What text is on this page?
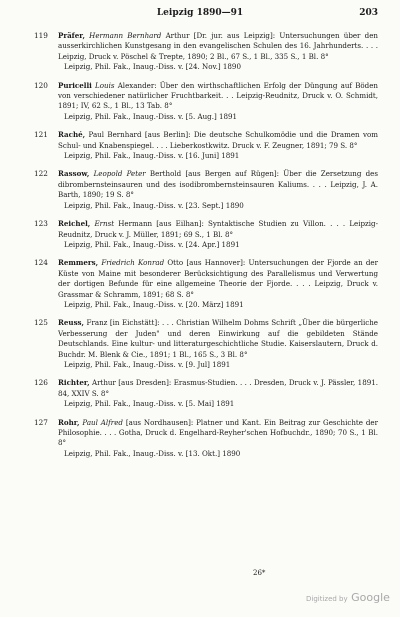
Leipzig 1890—91	203
119 Präfer, Hermann Bernhard Arthur [Dr. jur. aus Leipzig]: Untersuchungen über den ausserkirchlichen Kunstgesang in den evangelischen Schulen des 16. Jahrhunderts. . . . Leipzig, Druck v. Pöschel & Trepte, 1890; 2 Bl., 67 S., 1 Bl., 335 S., 1 Bl. 8°
Leipzig, Phil. Fak., Inaug.-Diss. v. [24. Nov.] 1890
120 Puricelli Louis Alexander: Über den wirthschaftlichen Erfolg der Düngung auf Böden von verschiedener natürlicher Fruchtbarkeit. . . Leipzig-Reudnitz, Druck v. O. Schmidt, 1891; IV, 62 S., 1 Bl., 13 Tab. 8°
Leipzig, Phil. Fak., Inaug.-Diss. v. [5. Aug.] 1891
121 Raché, Paul Bernhard [aus Berlin]: Die deutsche Schulkomödie und die Dramen vom Schul- und Knabenspiegel. . . . Lieberkostkwitz. Druck v. F. Zeugner, 1891; 79 S. 8°
Leipzig, Phil. Fak., Inaug.-Diss. v. [16. Juni] 1891
122 Rassow, Leopold Peter Berthold [aus Bergen auf Rügen]: Über die Zersetzung des dibrombernsteinsauren und des isodibrombernsteinsauren Kaliums. . . . Leipzig, J. A. Barth, 1890; 19 S. 8°
Leipzig, Phil. Fak., Inaug.-Diss. v. [23. Sept.] 1890
123 Reichel, Ernst Hermann [aus Eilhan]: Syntaktische Studien zu Villon. . . . Leipzig-Reudnitz, Druck v. J. Müller, 1891; 69 S., 1 Bl. 8°
Leipzig, Phil. Fak., Inaug.-Diss. v. [24. Apr.] 1891
124 Remmers, Friedrich Konrad Otto [aus Hannover]: Untersuchungen der Fjorde an der Küste von Maine mit besonderer Berücksichtigung des Parallelismus und Verwertung der dortigen Befunde für eine allgemeine Theorie der Fjorde. . . . Leipzig, Druck v. Grassmar & Schramm, 1891; 68 S. 8°
Leipzig, Phil. Fak., Inaug.-Diss. v. [20. März] 1891
125 Reuss, Franz [in Eichstätt]: . . . Christian Wilhelm Dohms Schrift „Über die bürgerliche Verbesserung der Juden" und deren Einwirkung auf die gebildeten Stände Deutschlands. Eine kultur- und litteraturgeschichtliche Studie. Kaiserslautern, Druck d. Buchdr. M. Blenk & Cie., 1891; 1 Bl., 165 S., 3 Bl. 8°
Leipzig, Phil. Fak., Inaug.-Diss. v. [9. Jul] 1891
126 Richter, Arthur [aus Dresden]: Erasmus-Studien. . . . Dresden, Druck v. J. Pässler, 1891. 84, XXIV S. 8°
Leipzig, Phil. Fak., Inaug.-Diss. v. [5. Mai] 1891
127 Rohr, Paul Alfred [aus Nordhausen]: Platner und Kant. Ein Beitrag zur Geschichte der Philosophie. . . . Gotha, Druck d. Engelhard-Reyher'schen Hofbuchdr., 1890; 70 S., 1 Bl. 8°
Leipzig, Phil. Fak., Inaug.-Diss. v. [13. Okt.] 1890
26*
Digitized by Google
